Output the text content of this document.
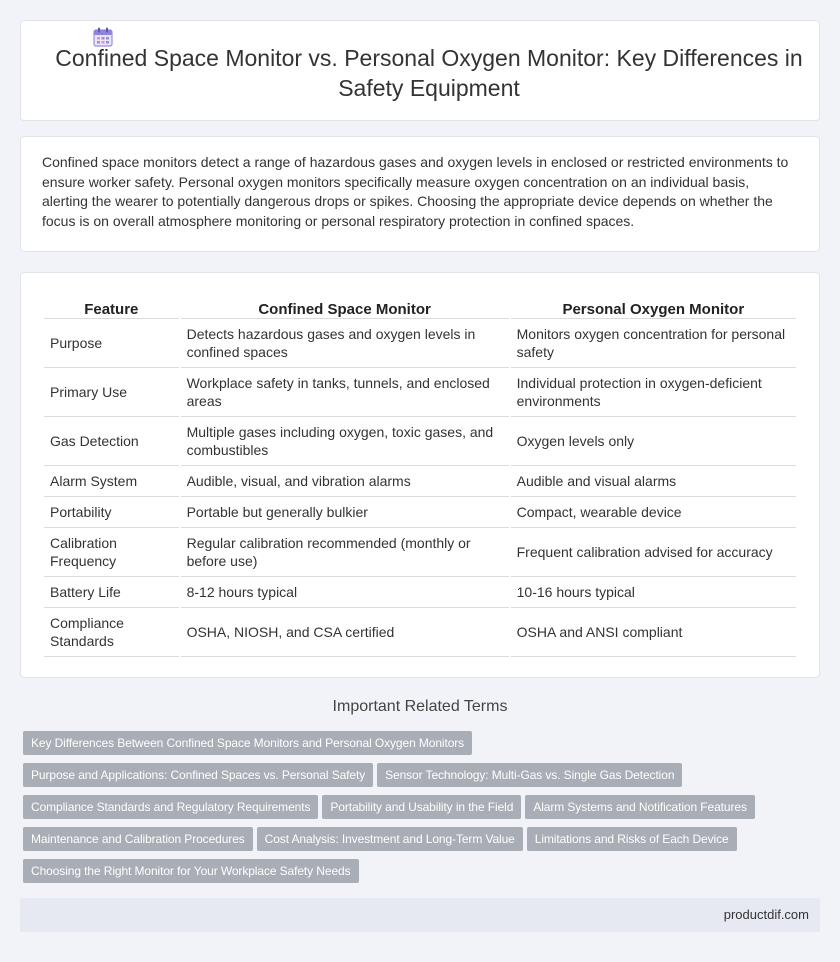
Confined Space Monitor vs. Personal Oxygen Monitor: Key Differences in Safety Equipment

Confined space monitors detect a range of hazardous gases and oxygen levels in enclosed or restricted environments to ensure worker safety. Personal oxygen monitors specifically measure oxygen concentration on an individual basis, alerting the wearer to potentially dangerous drops or spikes. Choosing the appropriate device depends on whether the focus is on overall atmosphere monitoring or personal respiratory protection in confined spaces.

Feature	Confined Space Monitor	Personal Oxygen Monitor
Purpose	Detects hazardous gases and oxygen levels in confined spaces	Monitors oxygen concentration for personal safety
Primary Use	Workplace safety in tanks, tunnels, and enclosed areas	Individual protection in oxygen-deficient environments
Gas Detection	Multiple gases including oxygen, toxic gases, and combustibles	Oxygen levels only
Alarm System	Audible, visual, and vibration alarms	Audible and visual alarms
Portability	Portable but generally bulkier	Compact, wearable device
Calibration Frequency	Regular calibration recommended (monthly or before use)	Frequent calibration advised for accuracy
Battery Life	8-12 hours typical	10-16 hours typical
Compliance Standards	OSHA, NIOSH, and CSA certified	OSHA and ANSI compliant
Important Related Terms
Key Differences Between Confined Space Monitors and Personal Oxygen Monitors
Purpose and Applications: Confined Spaces vs. Personal Safety Sensor Technology: Multi-Gas vs. Single Gas Detection
Compliance Standards and Regulatory Requirements Portability and Usability in the Field Alarm Systems and Notification Features
Maintenance and Calibration Procedures Cost Analysis: Investment and Long-Term Value Limitations and Risks of Each Device
Choosing the Right Monitor for Your Workplace Safety Needs
productdif.com
